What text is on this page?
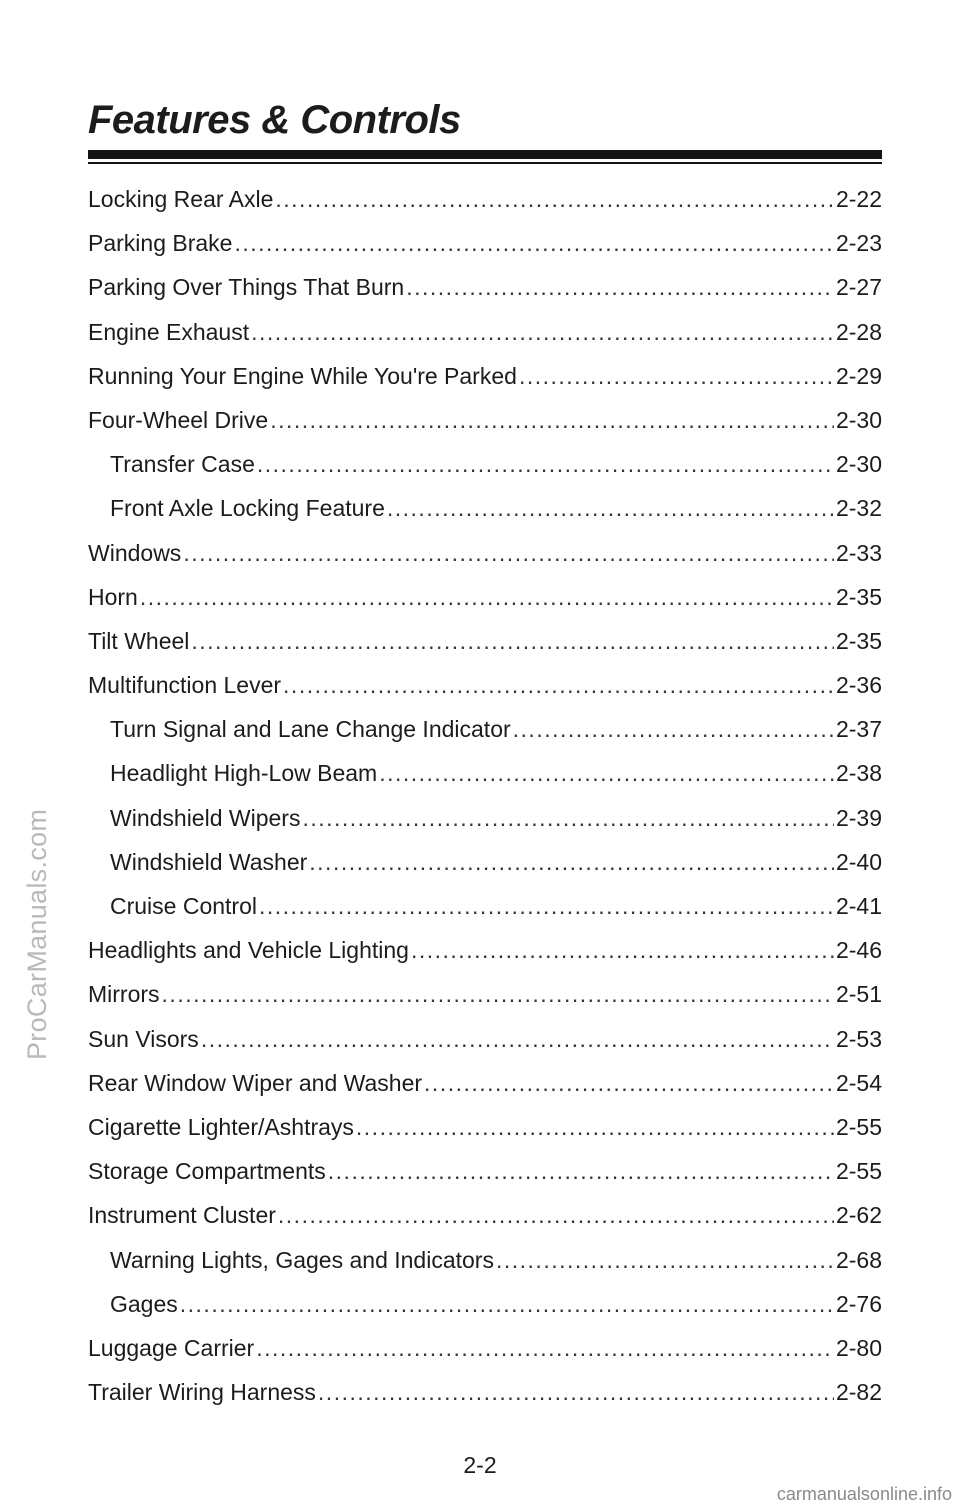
ProCarManuals.com
Features & Controls
Locking Rear Axle .....	2-22
Parking Brake .....	2-23
Parking Over Things That Burn .....	2-27
Engine Exhaust .....	2-28
Running Your Engine While You're Parked .....	2-29
Four-Wheel Drive .....	2-30
Transfer Case .....	2-30
Front Axle Locking Feature .....	2-32
Windows .....	2-33
Horn .....	2-35
Tilt Wheel .....	2-35
Multifunction Lever .....	2-36
Turn Signal and Lane Change Indicator .....	2-37
Headlight High-Low Beam .....	2-38
Windshield Wipers .....	2-39
Windshield Washer .....	2-40
Cruise Control .....	2-41
Headlights and Vehicle Lighting .....	2-46
Mirrors .....	2-51
Sun Visors .....	2-53
Rear Window Wiper and Washer .....	2-54
Cigarette Lighter/Ashtrays .....	2-55
Storage Compartments .....	2-55
Instrument Cluster .....	2-62
Warning Lights, Gages and Indicators .....	2-68
Gages .....	2-76
Luggage Carrier .....	2-80
Trailer Wiring Harness .....	2-82
2-2
carmanualsonline.info
